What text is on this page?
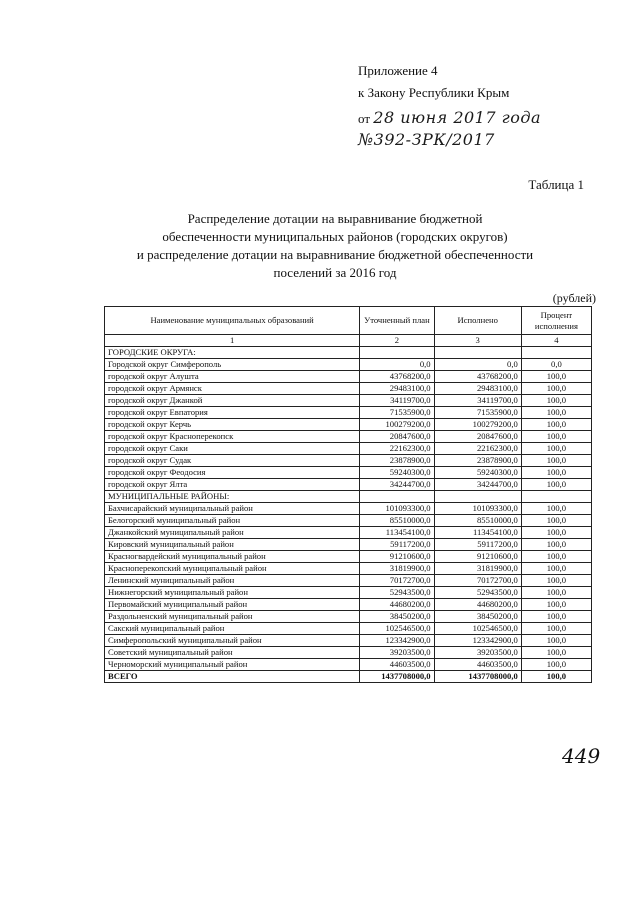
Приложение 4
к Закону Республики Крым
от 28 июня 2017 года
№392-ЗРК/2017
Таблица 1
Распределение дотации на выравнивание бюджетной
обеспеченности муниципальных районов (городских округов)
и распределение дотации на выравнивание бюджетной обеспеченности
поселений за 2016 год
(рублей)
Наименование муниципальных образований	Уточненный план	Исполнено	Процент исполнения
1	2	3	4
ГОРОДСКИЕ ОКРУГА:			
Городской округ Симферополь	0,0	0,0	0,0
городской округ Алушта	43768200,0	43768200,0	100,0
городской округ Армянск	29483100,0	29483100,0	100,0
городской округ Джанкой	34119700,0	34119700,0	100,0
городской округ Евпатория	71535900,0	71535900,0	100,0
городской округ Керчь	100279200,0	100279200,0	100,0
городской округ Красноперекопск	20847600,0	20847600,0	100,0
городской округ Саки	22162300,0	22162300,0	100,0
городской округ Судак	23878900,0	23878900,0	100,0
городской округ Феодосия	59240300,0	59240300,0	100,0
городской округ Ялта	34244700,0	34244700,0	100,0
МУНИЦИПАЛЬНЫЕ РАЙОНЫ:			
Бахчисарайский муниципальный район	101093300,0	101093300,0	100,0
Белогорский муниципальный район	85510000,0	85510000,0	100,0
Джанкойский муниципальный район	113454100,0	113454100,0	100,0
Кировский муниципальный район	59117200,0	59117200,0	100,0
Красногвардейский муниципальный район	91210600,0	91210600,0	100,0
Красноперекопский муниципальный район	31819900,0	31819900,0	100,0
Ленинский муниципальный район	70172700,0	70172700,0	100,0
Нижнегорский муниципальный район	52943500,0	52943500,0	100,0
Первомайский муниципальный район	44680200,0	44680200,0	100,0
Раздольненский муниципальный район	38450200,0	38450200,0	100,0
Сакский муниципальный район	102546500,0	102546500,0	100,0
Симферопольский муниципальный район	123342900,0	123342900,0	100,0
Советский муниципальный район	39203500,0	39203500,0	100,0
Черноморский муниципальный район	44603500,0	44603500,0	100,0
ВСЕГО	1437708000,0	1437708000,0	100,0
449
